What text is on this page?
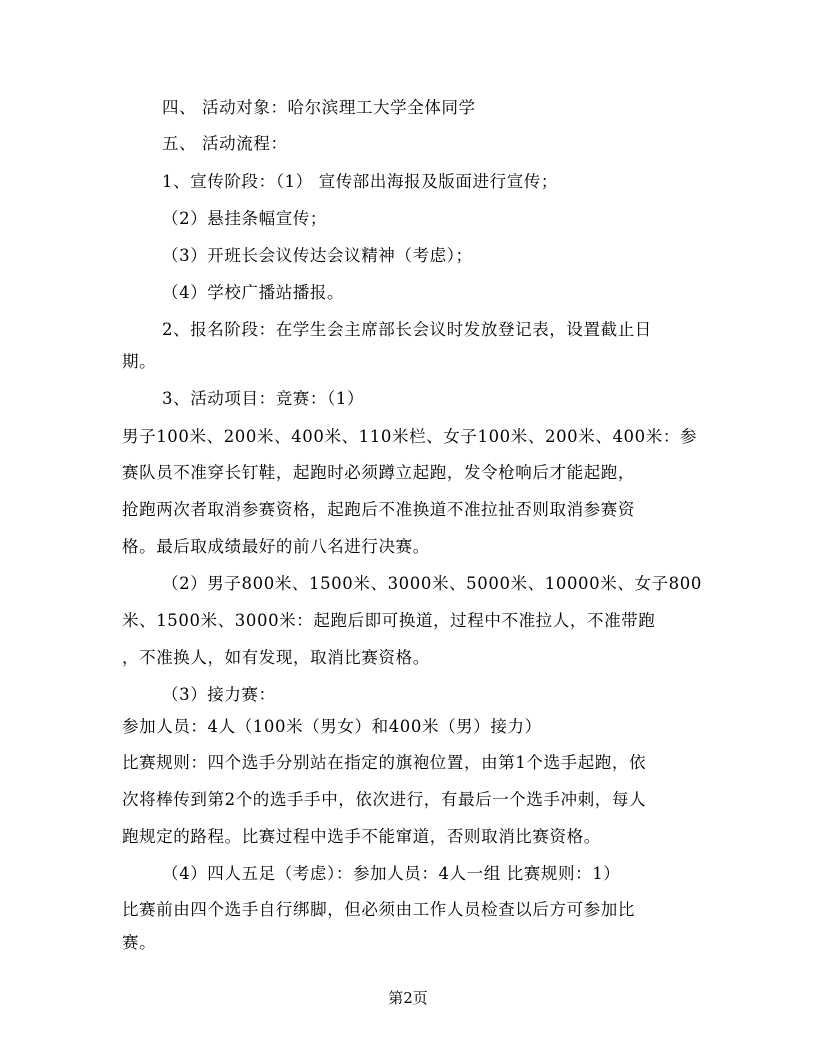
四、 活动对象：哈尔滨理工大学全体同学
五、 活动流程：
1、宣传阶段：（1） 宣传部出海报及版面进行宣传；
（2）悬挂条幅宣传；
（3）开班长会议传达会议精神（考虑）；
（4）学校广播站播报。
2、报名阶段：在学生会主席部长会议时发放登记表，设置截止日
期。
3、活动项目：竞赛：（1）
男子100米、200米、400米、110米栏、女子100米、200米、400米：参
赛队员不准穿长钉鞋，起跑时必须蹲立起跑，发令枪响后才能起跑，
抢跑两次者取消参赛资格，起跑后不准换道不准拉扯否则取消参赛资
格。最后取成绩最好的前八名进行决赛。
（2）男子800米、1500米、3000米、5000米、10000米、女子800
米、1500米、3000米：起跑后即可换道，过程中不准拉人，不准带跑
，不准换人，如有发现，取消比赛资格。
（3）接力赛：
参加人员：4人（100米（男女）和400米（男）接力）
比赛规则：四个选手分别站在指定的旗袍位置，由第1个选手起跑，依
次将棒传到第2个的选手手中，依次进行，有最后一个选手冲刺，每人
跑规定的路程。比赛过程中选手不能窜道，否则取消比赛资格。
（4）四人五足（考虑）：参加人员：4人一组 比赛规则：1）
比赛前由四个选手自行绑脚，但必须由工作人员检查以后方可参加比
赛。
第2页
